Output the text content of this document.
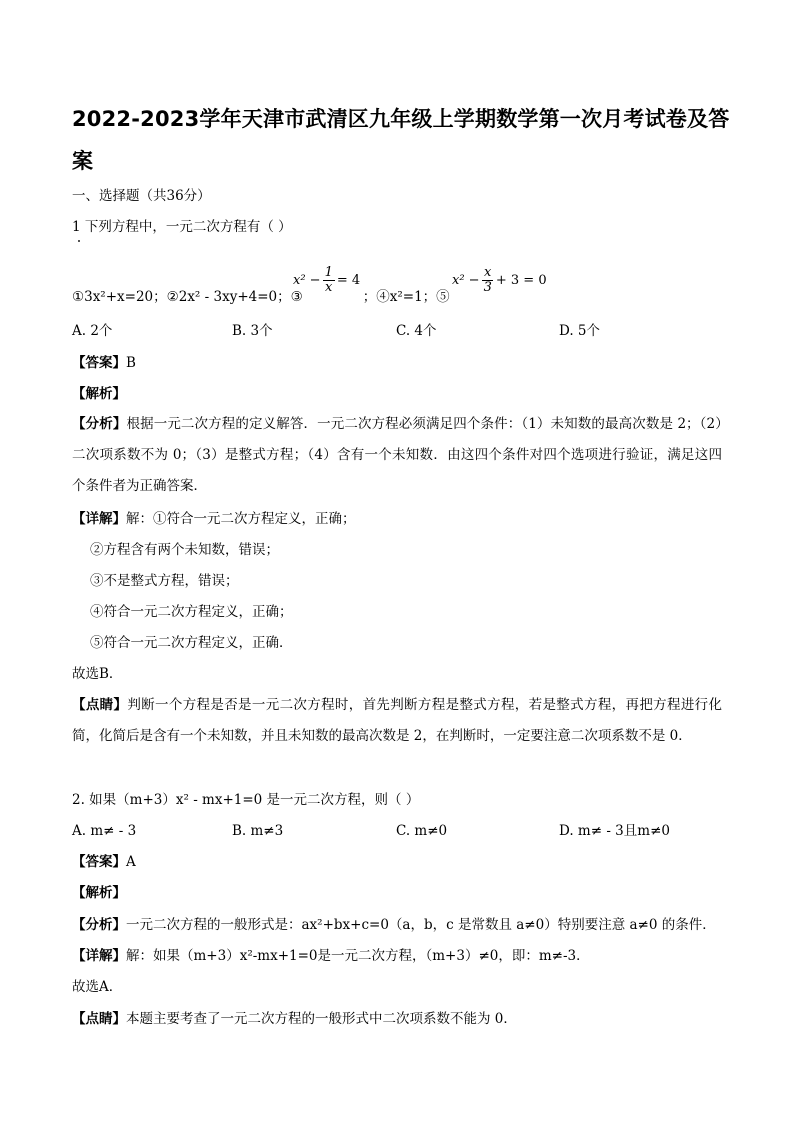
2022-2023学年天津市武清区九年级上学期数学第一次月考试卷及答案
一、选择题（共36分）
1 下列方程中，一元二次方程有（ ）
①3x²+x=20；②2x² - 3xy+4=0；③	；④x²=1；⑤
$x^2 - \frac{1}{x} = 4$	$x^2 - \frac{x}{3} + 3 = 0$
A. 2个	B. 3个	C. 4个	D. 5个
【答案】B
【解析】
【分析】根据一元二次方程的定义解答．一元二次方程必须满足四个条件：（1）未知数的最高次数是 2；（2）二次项系数不为 0；（3）是整式方程；（4）含有一个未知数．由这四个条件对四个选项进行验证，满足这四个条件者为正确答案．
【详解】解：①符合一元二次方程定义，正确；
②方程含有两个未知数，错误；
③不是整式方程，错误；
④符合一元二次方程定义，正确；
⑤符合一元二次方程定义，正确．
故选B．
【点睛】判断一个方程是否是一元二次方程时，首先判断方程是整式方程，若是整式方程，再把方程进行化简，化简后是含有一个未知数，并且未知数的最高次数是 2，在判断时，一定要注意二次项系数不是 0．
2. 如果（m+3）x² - mx+1=0 是一元二次方程，则（ ）
A. m≠ - 3	B. m≠3	C. m≠0	D. m≠ - 3且m≠0
【答案】A
【解析】
【分析】一元二次方程的一般形式是：ax²+bx+c=0（a，b，c 是常数且 a≠0）特别要注意 a≠0 的条件．
【详解】解：如果（m+3）x²-mx+1=0是一元二次方程，（m+3）≠0，即：m≠-3．
故选A．
【点睛】本题主要考查了一元二次方程的一般形式中二次项系数不能为 0．
